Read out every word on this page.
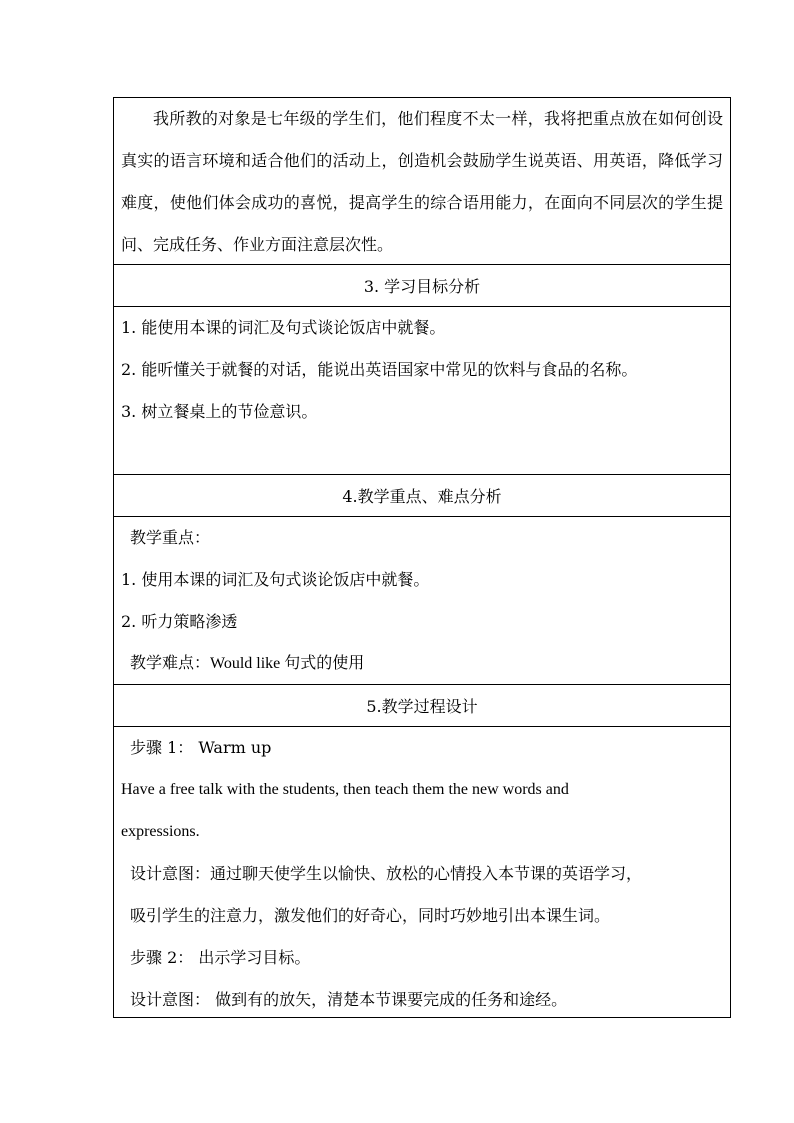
我所教的对象是七年级的学生们，他们程度不太一样，我将把重点放在如何创设真实的语言环境和适合他们的活动上，创造机会鼓励学生说英语、用英语，降低学习难度，使他们体会成功的喜悦，提高学生的综合语用能力，在面向不同层次的学生提问、完成任务、作业方面注意层次性。

3. 学习目标分析
1. 能使用本课的词汇及句式谈论饭店中就餐。
2. 能听懂关于就餐的对话，能说出英语国家中常见的饮料与食品的名称。
3. 树立餐桌上的节俭意识。
4.教学重点、难点分析
教学重点：
1. 使用本课的词汇及句式谈论饭店中就餐。
2. 听力策略渗透
教学难点：Would like 句式的使用
5.教学过程设计
步骤 1： Warm up
Have a free talk with the students, then teach them the new words and
expressions.
设计意图：通过聊天使学生以愉快、放松的心情投入本节课的英语学习，
吸引学生的注意力，激发他们的好奇心，同时巧妙地引出本课生词。
步骤 2： 出示学习目标。
设计意图： 做到有的放矢，清楚本节课要完成的任务和途经。
